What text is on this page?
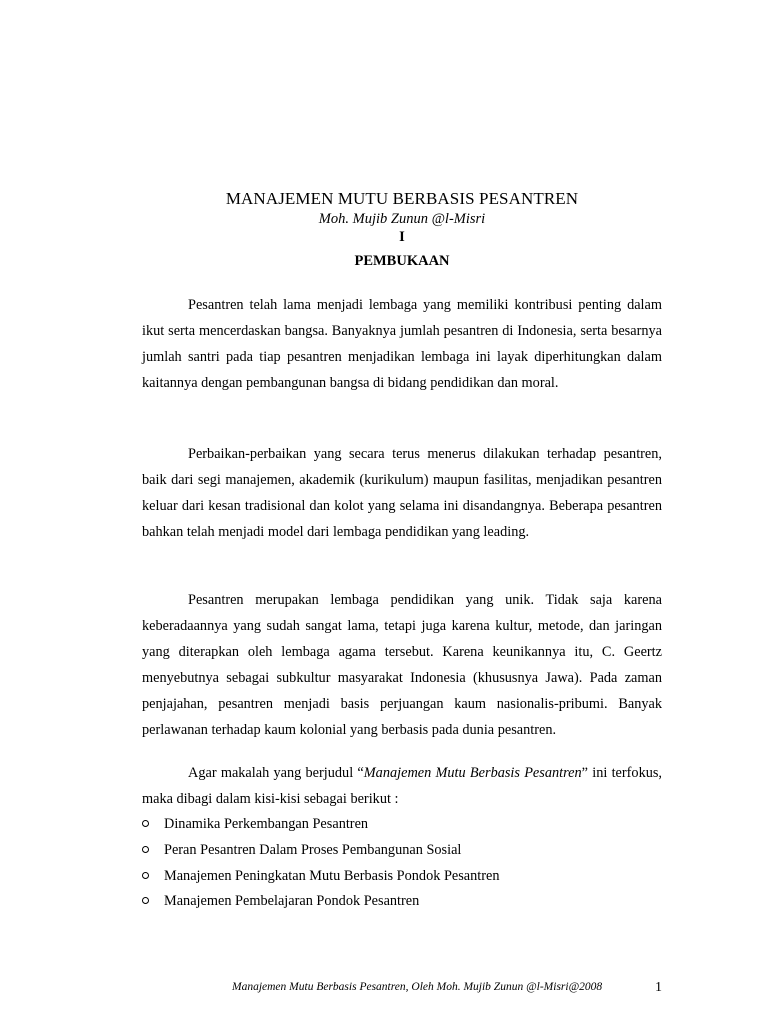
MANAJEMEN MUTU BERBASIS PESANTREN
Moh. Mujib Zunun @l-Misri
I
PEMBUKAAN

Pesantren telah lama menjadi lembaga yang memiliki kontribusi penting dalam ikut serta mencerdaskan bangsa. Banyaknya jumlah pesantren di Indonesia, serta besarnya jumlah santri pada tiap pesantren menjadikan lembaga ini layak diperhitungkan dalam kaitannya dengan pembangunan bangsa di bidang pendidikan dan moral.

Perbaikan-perbaikan yang secara terus menerus dilakukan terhadap pesantren, baik dari segi manajemen, akademik (kurikulum) maupun fasilitas, menjadikan pesantren keluar dari kesan tradisional dan kolot yang selama ini disandangnya. Beberapa pesantren bahkan telah menjadi model dari lembaga pendidikan yang leading.

Pesantren merupakan lembaga pendidikan yang unik. Tidak saja karena keberadaannya yang sudah sangat lama, tetapi juga karena kultur, metode, dan jaringan yang diterapkan oleh lembaga agama tersebut. Karena keunikannya itu, C. Geertz menyebutnya sebagai subkultur masyarakat Indonesia (khususnya Jawa). Pada zaman penjajahan, pesantren menjadi basis perjuangan kaum nasionalis-pribumi. Banyak perlawanan terhadap kaum kolonial yang berbasis pada dunia pesantren.

Agar makalah yang berjudul “Manajemen Mutu Berbasis Pesantren” ini terfokus, maka dibagi dalam kisi-kisi sebagai berikut :

Dinamika Perkembangan Pesantren
Peran Pesantren Dalam Proses Pembangunan Sosial
Manajemen Peningkatan Mutu Berbasis Pondok Pesantren
Manajemen Pembelajaran Pondok Pesantren
Manajemen Mutu Berbasis Pesantren, Oleh Moh. Mujib Zunun @l-Misri@2008	1
